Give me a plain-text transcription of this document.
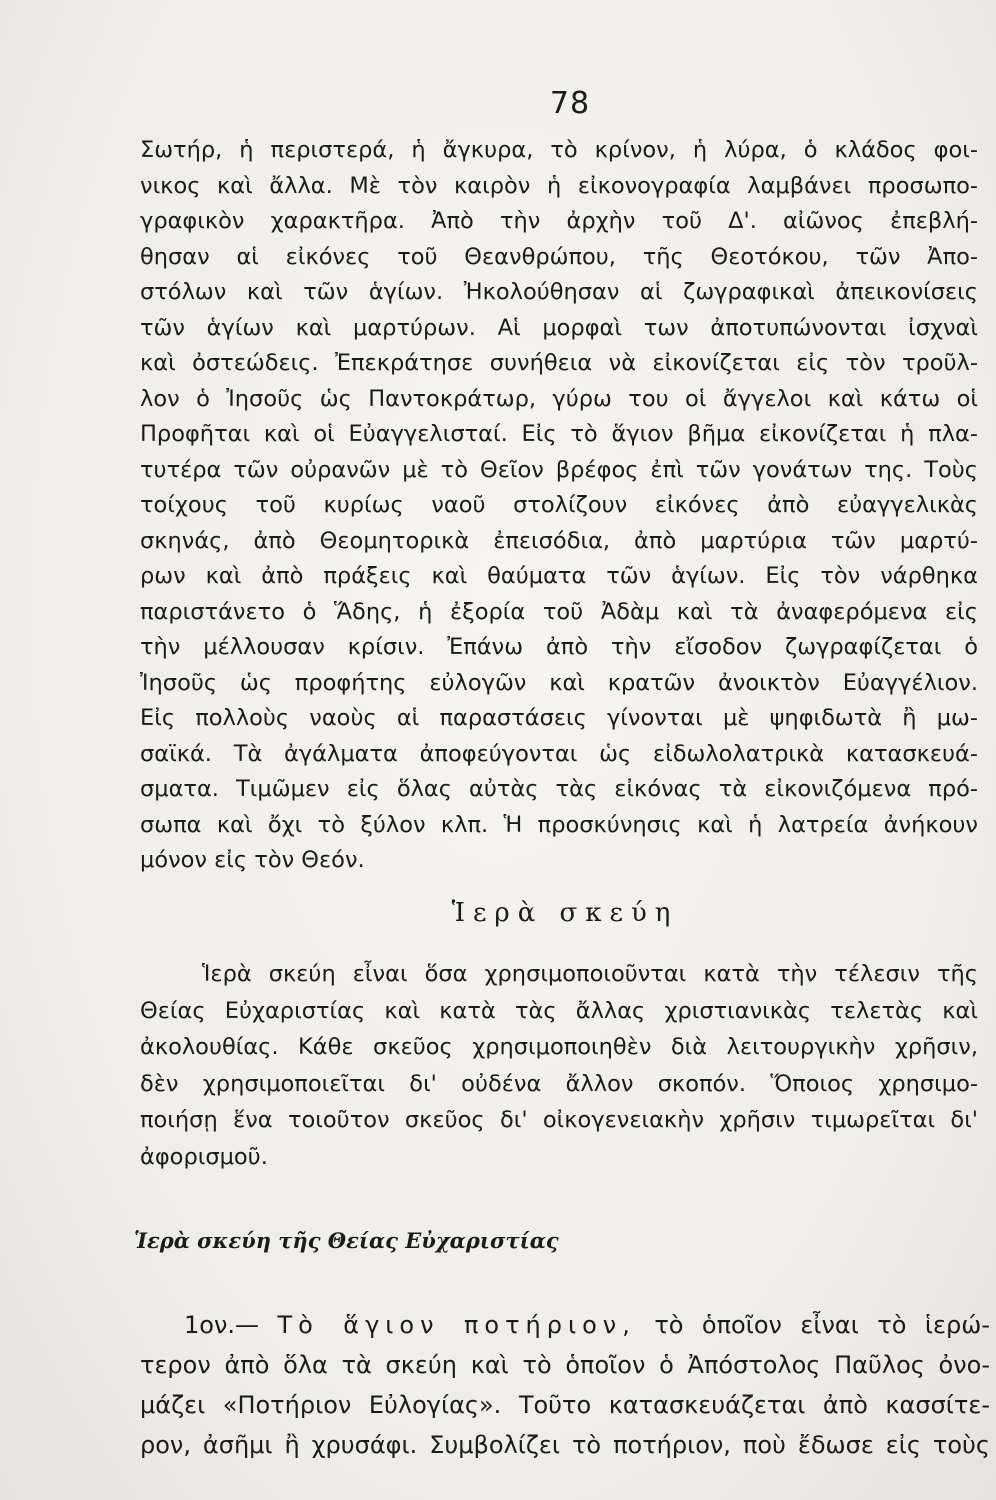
78
Σωτήρ, ἡ περιστερά, ἡ ἄγκυρα, τὸ κρίνον, ἡ λύρα, ὁ κλάδος φοι-
νικος καὶ ἄλλα. Μὲ τὸν καιρὸν ἡ εἰκονογραφία λαμβάνει προσωπο-
γραφικὸν χαρακτῆρα. Ἀπὸ τὴν ἀρχὴν τοῦ Δ'. αἰῶνος ἐπεβλή-
θησαν αἱ εἰκόνες τοῦ Θεανθρώπου, τῆς Θεοτόκου, τῶν Ἀπο-
στόλων καὶ τῶν ἁγίων. Ἠκολούθησαν αἱ ζωγραφικαὶ ἀπεικονίσεις
τῶν ἁγίων καὶ μαρτύρων. Αἱ μορφαὶ των ἀποτυπώνονται ἰσχναὶ
καὶ ὀστεώδεις. Ἐπεκράτησε συνήθεια νὰ εἰκονίζεται εἰς τὸν τροῦλ-
λον ὁ Ἰησοῦς ὡς Παντοκράτωρ, γύρω του οἱ ἄγγελοι καὶ κάτω οἱ
Προφῆται καὶ οἱ Εὐαγγελισταί. Εἰς τὸ ἅγιον βῆμα εἰκονίζεται ἡ πλα-
τυτέρα τῶν οὐρανῶν μὲ τὸ Θεῖον βρέφος ἐπὶ τῶν γονάτων της. Τοὺς
τοίχους τοῦ κυρίως ναοῦ στολίζουν εἰκόνες ἀπὸ εὐαγγελικὰς
σκηνάς, ἀπὸ Θεομητορικὰ ἐπεισόδια, ἀπὸ μαρτύρια τῶν μαρτύ-
ρων καὶ ἀπὸ πράξεις καὶ θαύματα τῶν ἁγίων. Εἰς τὸν νάρθηκα
παριστάνετο ὁ Ἅδης, ἡ ἐξορία τοῦ Ἀδὰμ καὶ τὰ ἀναφερόμενα εἰς
τὴν μέλλουσαν κρίσιν. Ἐπάνω ἀπὸ τὴν εἴσοδον ζωγραφίζεται ὁ
Ἰησοῦς ὡς προφήτης εὐλογῶν καὶ κρατῶν ἀνοικτὸν Εὐαγγέλιον.
Εἰς πολλοὺς ναοὺς αἱ παραστάσεις γίνονται μὲ ψηφιδωτὰ ἢ μω-
σαϊκά. Τὰ ἀγάλματα ἀποφεύγονται ὡς εἰδωλολατρικὰ κατασκευά-
σματα. Τιμῶμεν εἰς ὅλας αὐτὰς τὰς εἰκόνας τὰ εἰκονιζόμενα πρό-
σωπα καὶ ὄχι τὸ ξύλον κλπ. Ἡ προσκύνησις καὶ ἡ λατρεία ἀνήκουν
μόνον εἰς τὸν Θεόν.
Ἱερὰ σκεύη
Ἱερὰ σκεύη εἶναι ὅσα χρησιμοποιοῦνται κατὰ τὴν τέλεσιν τῆς
Θείας Εὐχαριστίας καὶ κατὰ τὰς ἄλλας χριστιανικὰς τελετὰς καὶ
ἀκολουθίας. Κάθε σκεῦος χρησιμοποιηθὲν διὰ λειτουργικὴν χρῆσιν,
δὲν χρησιμοποιεῖται δι' οὐδένα ἄλλον σκοπόν. Ὅποιος χρησιμο-
ποιήσῃ ἕνα τοιοῦτον σκεῦος δι' οἰκογενειακὴν χρῆσιν τιμωρεῖται δι'
ἀφορισμοῦ.
Ἱερὰ σκεύη τῆς Θείας Εὐχαριστίας
1ον.— Τὸ ἅγιον ποτήριον, τὸ ὁποῖον εἶναι τὸ ἱερώ-
τερον ἀπὸ ὅλα τὰ σκεύη καὶ τὸ ὁποῖον ὁ Ἀπόστολος Παῦλος ὀνο-
μάζει «Ποτήριον Εὐλογίας». Τοῦτο κατασκευάζεται ἀπὸ κασσίτε-
ρον, ἀσῆμι ἢ χρυσάφι. Συμβολίζει τὸ ποτήριον, ποὺ ἔδωσε εἰς τοὺς
